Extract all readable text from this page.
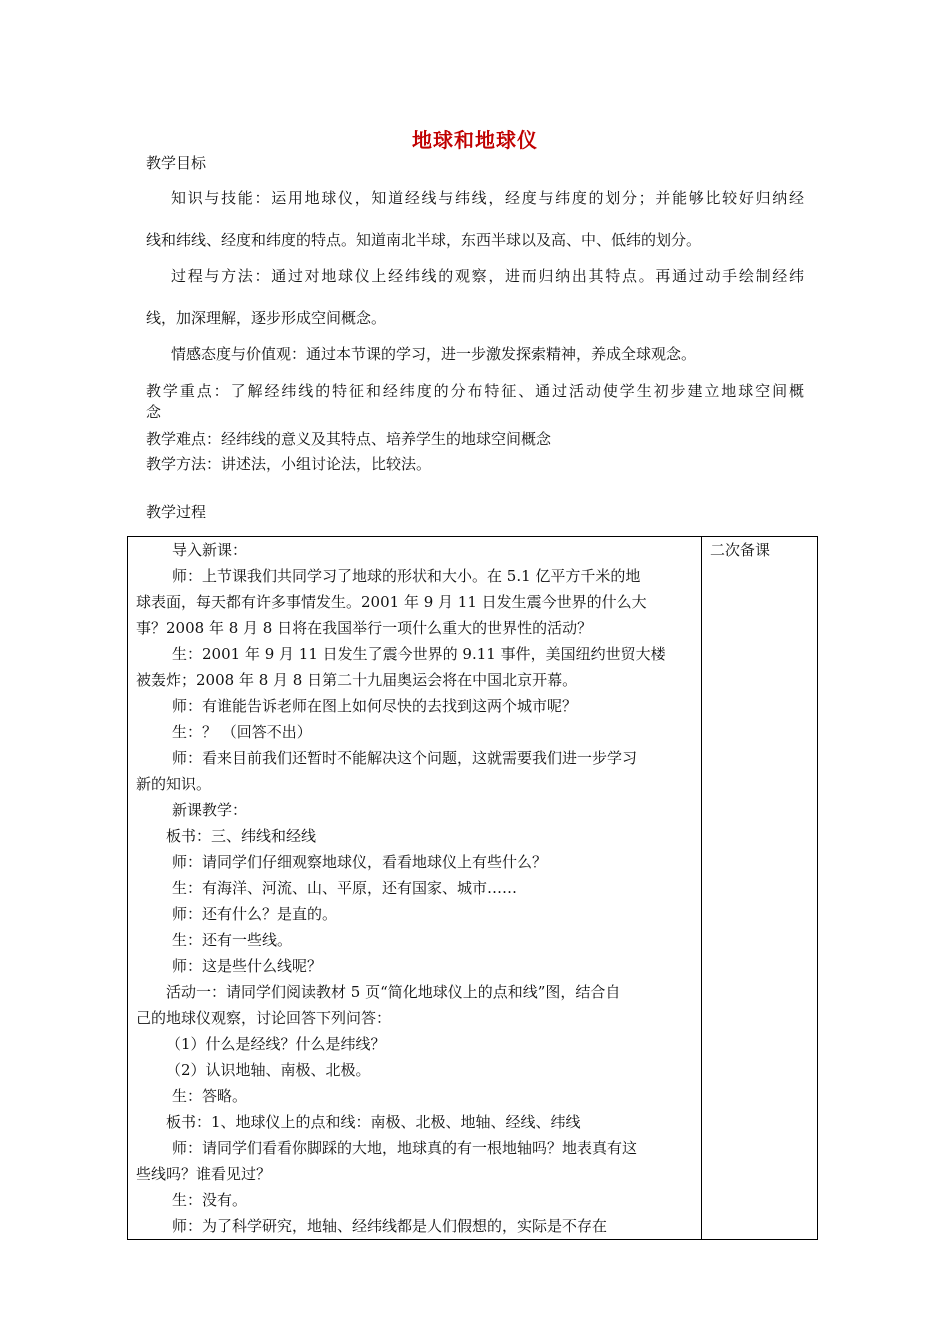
地球和地球仪
教学目标
知识与技能：运用地球仪，知道经线与纬线，经度与纬度的划分；并能够比较好归纳经
线和纬线、经度和纬度的特点。知道南北半球，东西半球以及高、中、低纬的划分。
过程与方法：通过对地球仪上经纬线的观察，进而归纳出其特点。再通过动手绘制经纬
线，加深理解，逐步形成空间概念。
情感态度与价值观：通过本节课的学习，进一步激发探索精神，养成全球观念。
教学重点：了解经纬线的特征和经纬度的分布特征、通过活动使学生初步建立地球空间概
念
教学难点：经纬线的意义及其特点、培养学生的地球空间概念
教学方法：讲述法，小组讨论法，比较法。
教学过程
导入新课：
师：上节课我们共同学习了地球的形状和大小。在 5.1 亿平方千米的地
球表面，每天都有许多事情发生。2001 年 9 月 11 日发生震今世界的什么大
事？2008 年 8 月 8 日将在我国举行一项什么重大的世界性的活动？
生：2001 年 9 月 11 日发生了震今世界的 9.11 事件，美国纽约世贸大楼
被轰炸；2008 年 8 月 8 日第二十九届奥运会将在中国北京开幕。
师：有谁能告诉老师在图上如何尽快的去找到这两个城市呢？
生：？ （回答不出）
师：看来目前我们还暂时不能解决这个问题，这就需要我们进一步学习
新的知识。
新课教学：
板书：三、纬线和经线
师：请同学们仔细观察地球仪，看看地球仪上有些什么？
生：有海洋、河流、山、平原，还有国家、城市……
师：还有什么？是直的。
生：还有一些线。
师：这是些什么线呢？
活动一：请同学们阅读教材 5 页“简化地球仪上的点和线”图，结合自
己的地球仪观察，讨论回答下列问答：
（1）什么是经线？什么是纬线？
（2）认识地轴、南极、北极。
生：答略。
板书：1、地球仪上的点和线：南极、北极、地轴、经线、纬线
师：请同学们看看你脚踩的大地，地球真的有一根地轴吗？地表真有这
些线吗？谁看见过？
生：没有。
师：为了科学研究，地轴、经纬线都是人们假想的，实际是不存在

二次备课
